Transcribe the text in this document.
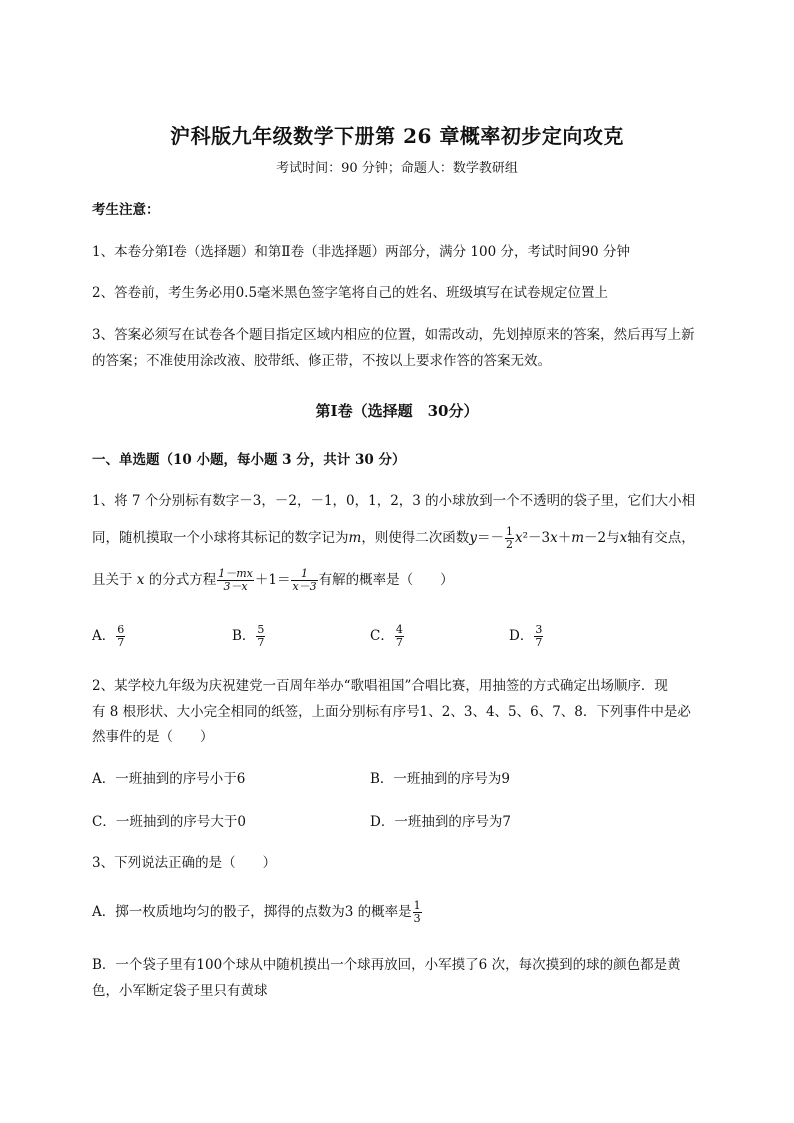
沪科版九年级数学下册第 26 章概率初步定向攻克
考试时间：90 分钟；命题人：数学教研组
考生注意：
1、本卷分第Ⅰ卷（选择题）和第Ⅱ卷（非选择题）两部分，满分 100 分，考试时间90 分钟
2、答卷前，考生务必用0.5毫米黑色签字笔将自己的姓名、班级填写在试卷规定位置上
3、答案必须写在试卷各个题目指定区域内相应的位置，如需改动，先划掉原来的答案，然后再写上新
的答案；不准使用涂改液、胶带纸、修正带，不按以上要求作答的答案无效。
第Ⅰ卷（选择题　30分）
一、单选题（10 小题，每小题 3 分，共计 30 分）
1、将 7 个分别标有数字－3，－2，－1，0，1，2，3 的小球放到一个不透明的袋子里，它们大小相
同，随机摸取一个小球将其标记的数字记为m，则使得二次函数$y=- \frac{1}{2} x^2-3x+m-2$与x轴有交点，
且关于 x 的分式方程 $\frac{1-mx}{3-x} +1= \frac{1}{x-3}$ 有解的概率是（　　）
A． $\frac{6}{7}$	B． $\frac{5}{7}$	C． $\frac{4}{7}$	D． $\frac{3}{7}$
2、某学校九年级为庆祝建党一百周年举办“歌唱祖国”合唱比赛，用抽签的方式确定出场顺序．现
有 8 根形状、大小完全相同的纸签，上面分别标有序号1、2、3、4、5、6、7、8．下列事件中是必
然事件的是（　　）
A．一班抽到的序号小于6	B．一班抽到的序号为9
C．一班抽到的序号大于0	D．一班抽到的序号为7
3、下列说法正确的是（　　）
A．掷一枚质地均匀的骰子，掷得的点数为3 的概率是 $\frac{1}{3}$
B．一个袋子里有100个球从中随机摸出一个球再放回，小军摸了6 次，每次摸到的球的颜色都是黄
色，小军断定袋子里只有黄球
